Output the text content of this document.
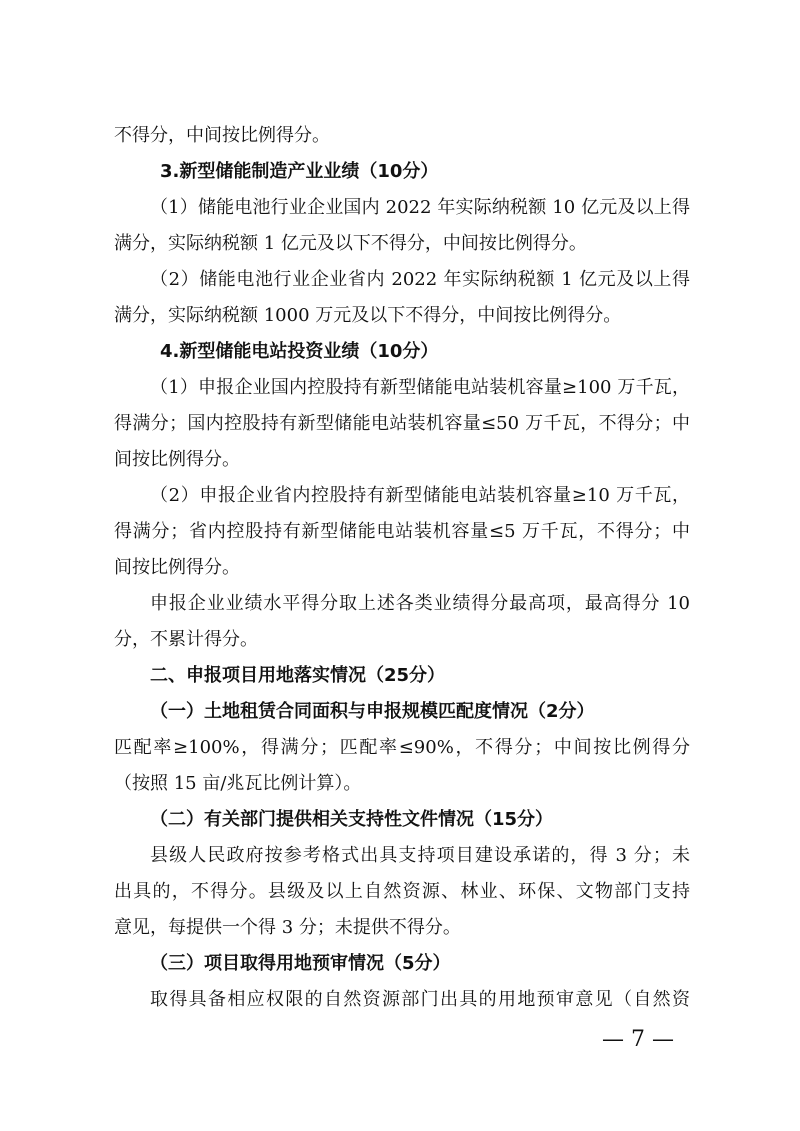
不得分，中间按比例得分。
3.新型储能制造产业业绩（10分）
（1）储能电池行业企业国内 2022 年实际纳税额 10 亿元及以上得
满分，实际纳税额 1 亿元及以下不得分，中间按比例得分。
（2）储能电池行业企业省内 2022 年实际纳税额 1 亿元及以上得
满分，实际纳税额 1000 万元及以下不得分，中间按比例得分。
4.新型储能电站投资业绩（10分）
（1）申报企业国内控股持有新型储能电站装机容量≥100 万千瓦，
得满分；国内控股持有新型储能电站装机容量≤50 万千瓦，不得分；中
间按比例得分。
（2）申报企业省内控股持有新型储能电站装机容量≥10 万千瓦，
得满分；省内控股持有新型储能电站装机容量≤5 万千瓦，不得分；中
间按比例得分。
申报企业业绩水平得分取上述各类业绩得分最高项，最高得分 10
分，不累计得分。
二、申报项目用地落实情况（25分）
（一）土地租赁合同面积与申报规模匹配度情况（2分）
匹配率≥100%，得满分；匹配率≤90%，不得分；中间按比例得分
（按照 15 亩/兆瓦比例计算）。
（二）有关部门提供相关支持性文件情况（15分）
县级人民政府按参考格式出具支持项目建设承诺的，得 3 分；未
出具的，不得分。县级及以上自然资源、林业、环保、文物部门支持
意见，每提供一个得 3 分；未提供不得分。
（三）项目取得用地预审情况（5分）
取得具备相应权限的自然资源部门出具的用地预审意见（自然资
— 7 —
